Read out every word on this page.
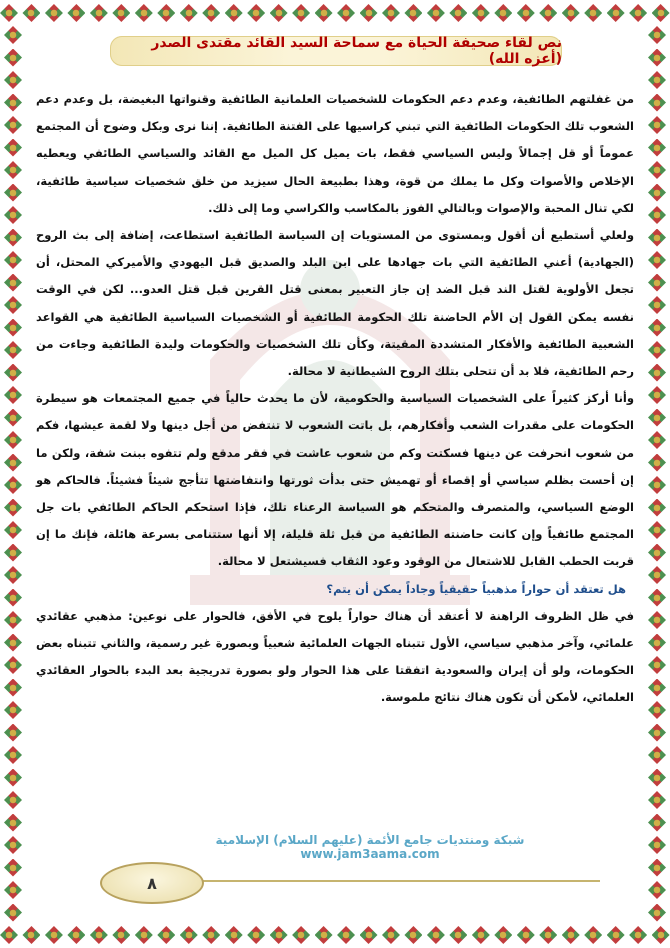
نص لقاء صحيفة الحياة مع سماحة السيد القائد مقتدى الصدر (أعزه الله)

من غفلتهم الطائفية، وعدم دعم الحكومات للشخصيات العلمانية الطائفية وقنواتها البغيضة، بل وعدم دعم الشعوب تلك الحكومات الطائفية التي تبني كراسيها على الفتنة الطائفية. إننا نرى وبكل وضوح أن المجتمع عموماً أو قل إجمالاً وليس السياسي فقط، بات يميل كل الميل مع القائد والسياسي الطائفي ويعطيه الإخلاص والأصوات وكل ما يملك من قوة، وهذا بطبيعة الحال سيزيد من خلق شخصيات سياسية طائفية، لكي تنال المحبة والإصوات وبالتالي الفوز بالمكاسب والكراسي وما إلى ذلك.

ولعلي أستطيع أن أقول وبمستوى من المستويات إن السياسة الطائفية استطاعت، إضافة إلى بث الروح (الجهادية) أعني الطائفية التي بات جهادها على ابن البلد والصديق قبل اليهودي والأميركي المحتل، أن تجعل الأولوية لقتل الند قبل الضد إن جاز التعبير بمعنى قتل القرين قبل قتل العدو... لكن في الوقت نفسه يمكن القول إن الأم الحاضنة تلك الحكومة الطائفية أو الشخصيات السياسية الطائفية هي القواعد الشعبية الطائفية والأفكار المتشددة المقيتة، وكأن تلك الشخصيات والحكومات وليدة الطائفية وجاءت من رحم الطائفية، فلا بد أن تتحلى بتلك الروح الشيطانية لا محالة.

وأنا أركز كثيراً على الشخصيات السياسية والحكومية، لأن ما يحدث حالياً في جميع المجتمعات هو سيطرة الحكومات على مقدرات الشعب وأفكارهم، بل باتت الشعوب لا تنتفض من أجل دينها ولا لقمة عيشها، فكم من شعوب انحرفت عن دينها فسكتت وكم من شعوب عاشت في فقر مدقع ولم تتفوه ببنت شفة، ولكن ما إن أحست بظلم سياسي أو إقصاء أو تهميش حتى بدأت ثورتها وانتفاضتها تتأجج شيئاً فشيئاً. فالحاكم هو الوضع السياسي، والمتصرف والمتحكم هو السياسة الرعناء تلك، فإذا استحكم الحاكم الطائفي بات جل المجتمع طائفياً وإن كانت حاضنته الطائفية من قبل ثلة قليلة، إلا أنها ستتنامى بسرعة هائلة، فإنك ما إن قربت الحطب القابل للاشتعال من الوقود وعود الثقاب فسيشتعل لا محالة.

هل تعتقد أن حواراً مذهبياً حقيقياً وجاداً يمكن أن يتم؟

في ظل الظروف الراهنة لا أعتقد أن هناك حواراً يلوح في الأفق، فالحوار على نوعين: مذهبي عقائدي علمائي، وآخر مذهبي سياسي، الأول تتبناه الجهات العلمائية شعبياً وبصورة غير رسمية، والثاني تتبناه بعض الحكومات، ولو أن إيران والسعودية اتفقتا على هذا الحوار ولو بصورة تدريجية بعد البدء بالحوار العقائدي العلمائي، لأمكن أن تكون هناك نتائج ملموسة.

شبكة ومنتديات جامع الأئمة (عليهم السلام) الإسلامية www.jam3aama.com
٨
